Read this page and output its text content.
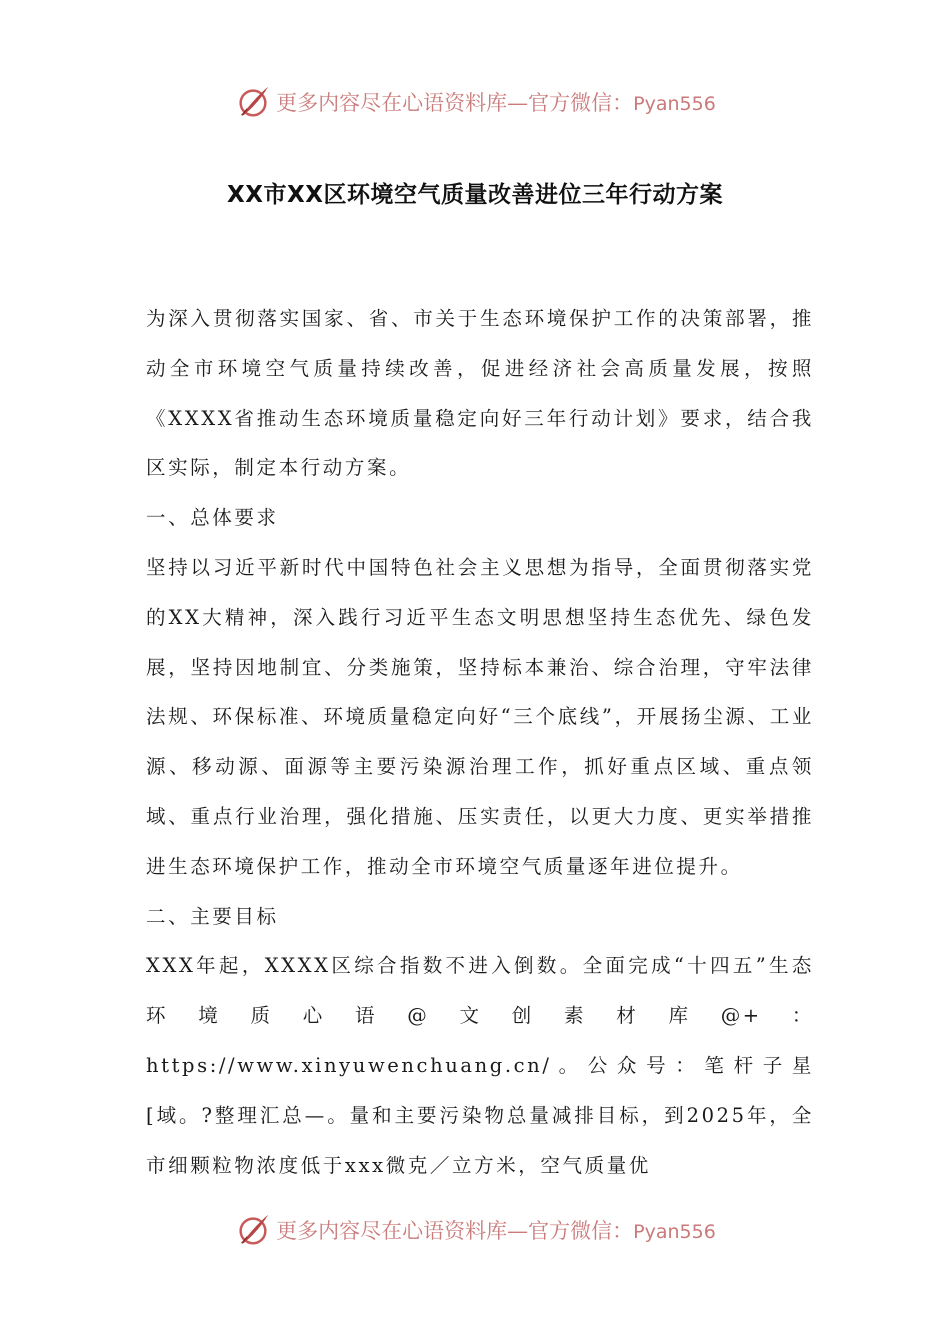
更多内容尽在心语资料库—官方微信：Pyan556
XX市XX区环境空气质量改善进位三年行动方案

为深入贯彻落实国家、省、市关于生态环境保护工作的决策部署，推动全市环境空气质量持续改善，促进经济社会高质量发展，按照《XXXX省推动生态环境质量稳定向好三年行动计划》要求，结合我区实际，制定本行动方案。

一、总体要求

坚持以习近平新时代中国特色社会主义思想为指导，全面贯彻落实党的XX大精神，深入践行习近平生态文明思想坚持生态优先、绿色发展，坚持因地制宜、分类施策，坚持标本兼治、综合治理，守牢法律法规、环保标准、环境质量稳定向好“三个底线”，开展扬尘源、工业源、移动源、面源等主要污染源治理工作，抓好重点区域、重点领域、重点行业治理，强化措施、压实责任，以更大力度、更实举措推进生态环境保护工作，推动全市环境空气质量逐年进位提升。

二、主要目标

XXX年起，XXXX区综合指数不进入倒数。全面完成“十四五”生态环境质心语@文创素材库@+：https://www.xinyuwenchuang.cn/。公众号：笔杆子星[域。?整理汇总—。量和主要污染物总量减排目标，到2025年，全市细颗粒物浓度低于xxx微克／立方米，空气质量优

更多内容尽在心语资料库—官方微信：Pyan556
